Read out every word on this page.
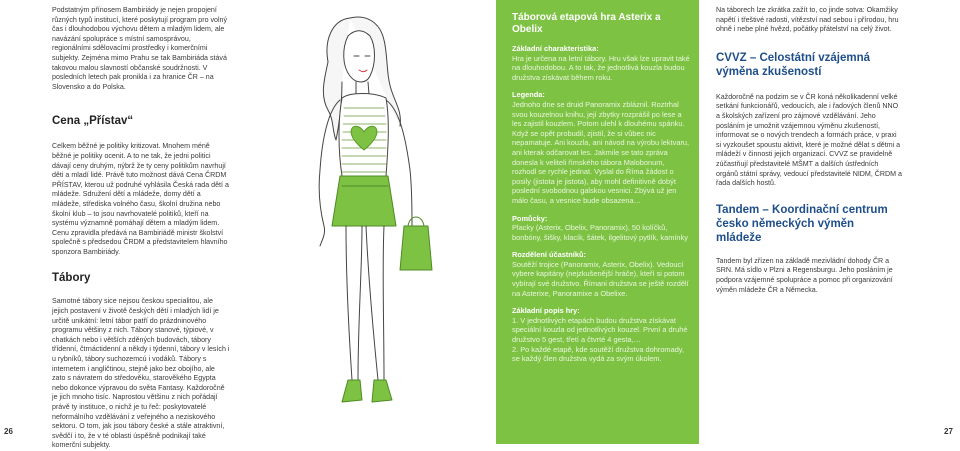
Podstatným přínosem Bambiriády je nejen propojení různých typů institucí, které poskytují program pro volný čas i dlouhodobou výchovu dětem a mladým lidem, ale navázání spolupráce s místní samosprávou, regionálními sdělovacími prostředky i komerčními subjekty. Zejména mimo Prahu se tak Bambiriáda stává takovou malou slavností občanské soudržnosti. V posledních letech pak pronikla i za hranice ČR – na Slovensko a do Polska.

Cena „Přístav“

Celkem běžné je politiky kritizovat. Mnohem méně běžné je politiky ocenit. A to ne tak, že jedni politici dávají ceny druhým, nýbrž že ty ceny politikům navrhují děti a mladí lidé. Právě tuto možnost dává Cena ČRDM PŘÍSTAV, kterou už podruhé vyhlásila Česká rada dětí a mládeže. Sdružení dětí a mládeže, domy dětí a mládeže, střediska volného času, školní družina nebo školní klub – to jsou navrhovatelé politiků, kteří na systému významně pomáhají dětem a mladým lidem. Cenu zpravidla předává na Bambiriádě ministr školství společně s předsedou ČRDM a představitelem hlavního sponzora Bambiriády.

Tábory

Samotné tábory sice nejsou českou specialitou, ale jejich postavení v životě českých dětí i mladých lidí je určitě unikátní: letní tábor patří do prázdninového programu většiny z nich. Tábory stanové, týpiové, v chatkách nebo i větších zděných budovách, tábory třídenní, čtrnáctidenní a někdy i týdenní, tábory v lesích i u rybníků, tábory suchozemcú i vodáků. Tábory s internetem i angličtinou, stejně jako bez obojího, ale zato s návratem do středověku, starověkého Egypta nebo dokonce výpravou do světa Fantasy. Každoročně je jich mnoho tisíc. Naprostou většinu z nich pořádají právě ty instituce, o nichž je tu řeč: poskytovatelé neformálního vzdělávání z veřejného a neziskového sektoru. O tom, jak jsou tábory české a stále atraktivní, svědčí i to, že v té oblasti úspěšně podnikají také komerční subjekty.

Táborová etapová hra Asterix a Obelix
Základní charakteristika:
Hra je určena na letní tábory. Hru však lze upravit také na dlouhodobou. A to tak, že jednotlivá kouzla budou družstva získávat během roku.
Legenda:
Jednoho dne se druid Panoramix zbláznil. Roztrhal svou kouzelnou knihu, její zbytky rozprášil po lese a les zajistil kouzlem. Potom ulehl k dlouhému spánku. Když se opět probudil, zjistil, že si vůbec nic nepamatuje. Ani kouzla, ani návod na výrobu lektvaru, ani kterak odčarovat les. Jakmile se tato zpráva donesla k veliteli římského tábora Malobonum, rozhodl se rychle jednat. Vyslal do Říma žádost o posily (jistota je jistota), aby mohl definitivně dobýt poslední svobodnou galskou vesnici. Zbývá už jen málo času, a vesnice bude obsazena…
Pomůcky:
Placky (Asterix, Obelix, Panoramix), 50 kolíčků, bonbóny, šišky, klacík, šátek, ilgelitový pytlík, kamínky
Rozdělení účastníků:
Soutěží trojice (Panoramix, Asterix, Obelix). Vedoucí vybere kapitány (nejzkušenější hráče), kteří si potom vybírají své družstvo. Římani družstva se ještě rozdělí na Asterixe, Panoramixe a Obelixe.
Základní popis hry:
1. V jednotlivých etapách budou družstva získávat speciální kouzla od jednotlivých kouzel. První a druhé družstvo 5 gest, třetí a čtvrté 4 gesta,…
2. Po každé etapě, kde soutěží družstva dohromady, se každý člen družstva vydá za svým úkolem.

Na táborech lze zkrátka zažít to, co jinde sotva: Okamžiky napětí i třeštivé radosti, vítězství nad sebou i přírodou, hru ohně i nebe plné hvězd, počátky přátelství na celý život.

CVVZ – Celostátní vzájemná výměna zkušeností

Každoročně na podzim se v ČR koná několikadenní velké setkání funkcionářů, vedoucích, ale i řadových členů NNO a školských zařízení pro zájmové vzdělávání. Jeho posláním je umožnit vzájemnou výměnu zkušeností, informovat se o nových trendech a formách práce, v praxi si vyzkoušet spoustu aktivit, které je možné dělat s dětmi a mládeží v činnosti jejich organizací. CVVZ se pravidelně zúčastňují představitelé MŠMT a dalších ústředních orgánů státní správy, vedoucí představitelé NIDM, ČRDM a řada dalších hostů.

Tandem – Koordinační centrum česko německých výměn mládeže

Tandem byl zřízen na základě mezivládní dohody ČR a SRN. Má sídlo v Plzni a Regensburgu. Jeho posláním je podpora vzájemné spolupráce a pomoc při organizování výměn mládeže ČR a Německa.

26	27
